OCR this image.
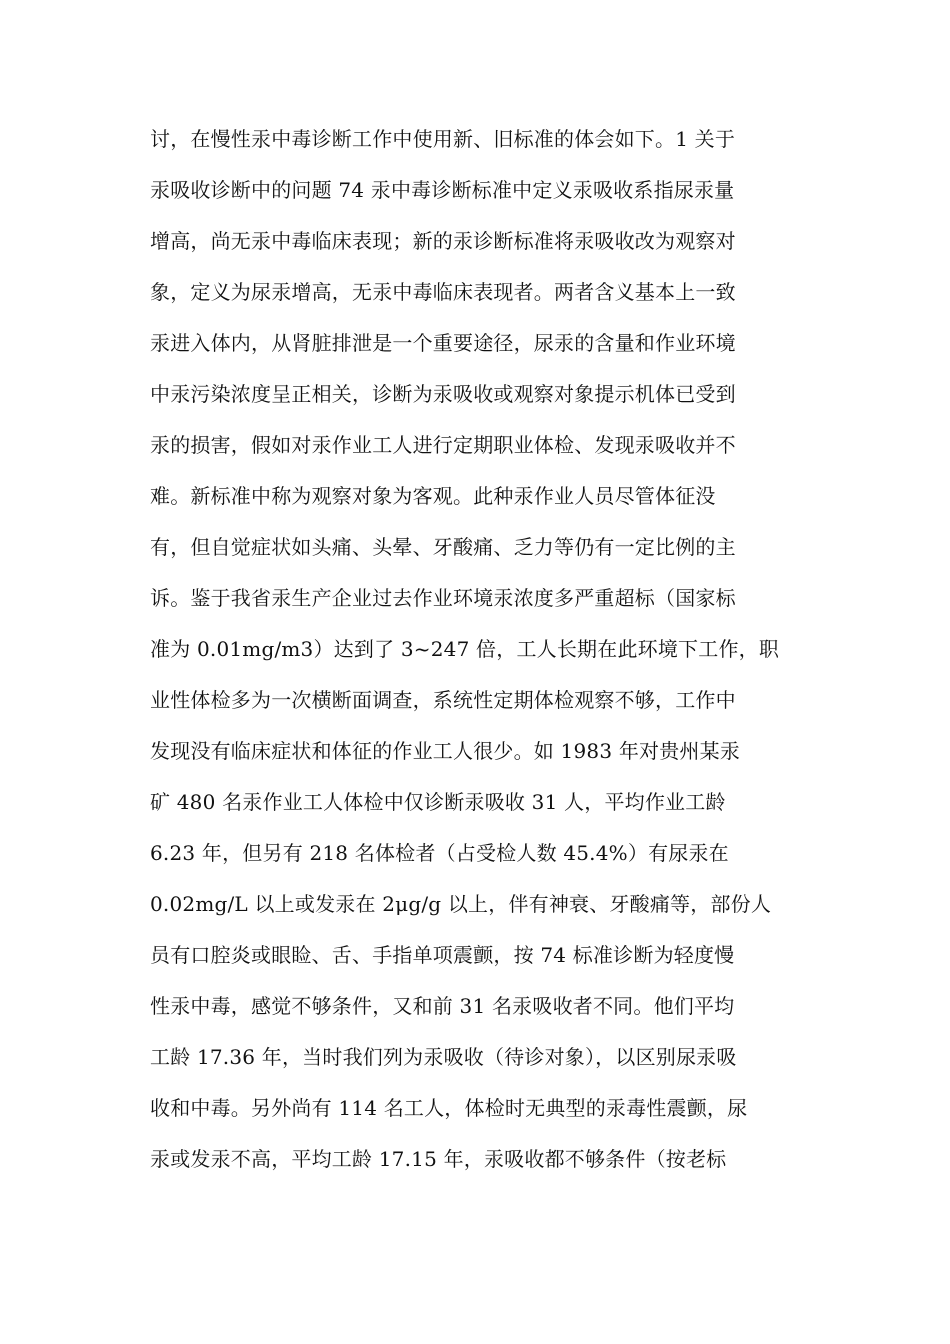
讨，在慢性汞中毒诊断工作中使用新、旧标准的体会如下。1 关于
汞吸收诊断中的问题 74 汞中毒诊断标准中定义汞吸收系指尿汞量
增高，尚无汞中毒临床表现；新的汞诊断标准将汞吸收改为观察对
象，定义为尿汞增高，无汞中毒临床表现者。两者含义基本上一致
汞进入体内，从肾脏排泄是一个重要途径，尿汞的含量和作业环境
中汞污染浓度呈正相关，诊断为汞吸收或观察对象提示机体已受到
汞的损害，假如对汞作业工人进行定期职业体检、发现汞吸收并不
难。新标准中称为观察对象为客观。此种汞作业人员尽管体征没
有，但自觉症状如头痛、头晕、牙酸痛、乏力等仍有一定比例的主
诉。鉴于我省汞生产企业过去作业环境汞浓度多严重超标（国家标
准为 0.01mg/m3）达到了 3~247 倍，工人长期在此环境下工作，职
业性体检多为一次横断面调查，系统性定期体检观察不够，工作中
发现没有临床症状和体征的作业工人很少。如 1983 年对贵州某汞
矿 480 名汞作业工人体检中仅诊断汞吸收 31 人，平均作业工龄
6.23 年，但另有 218 名体检者（占受检人数 45.4%）有尿汞在
0.02mg/L 以上或发汞在 2μg/g 以上，伴有神衰、牙酸痛等，部份人
员有口腔炎或眼睑、舌、手指单项震颤，按 74 标准诊断为轻度慢
性汞中毒，感觉不够条件，又和前 31 名汞吸收者不同。他们平均
工龄 17.36 年，当时我们列为汞吸收（待诊对象），以区别尿汞吸
收和中毒。另外尚有 114 名工人，体检时无典型的汞毒性震颤，尿
汞或发汞不高，平均工龄 17.15 年，汞吸收都不够条件（按老标
